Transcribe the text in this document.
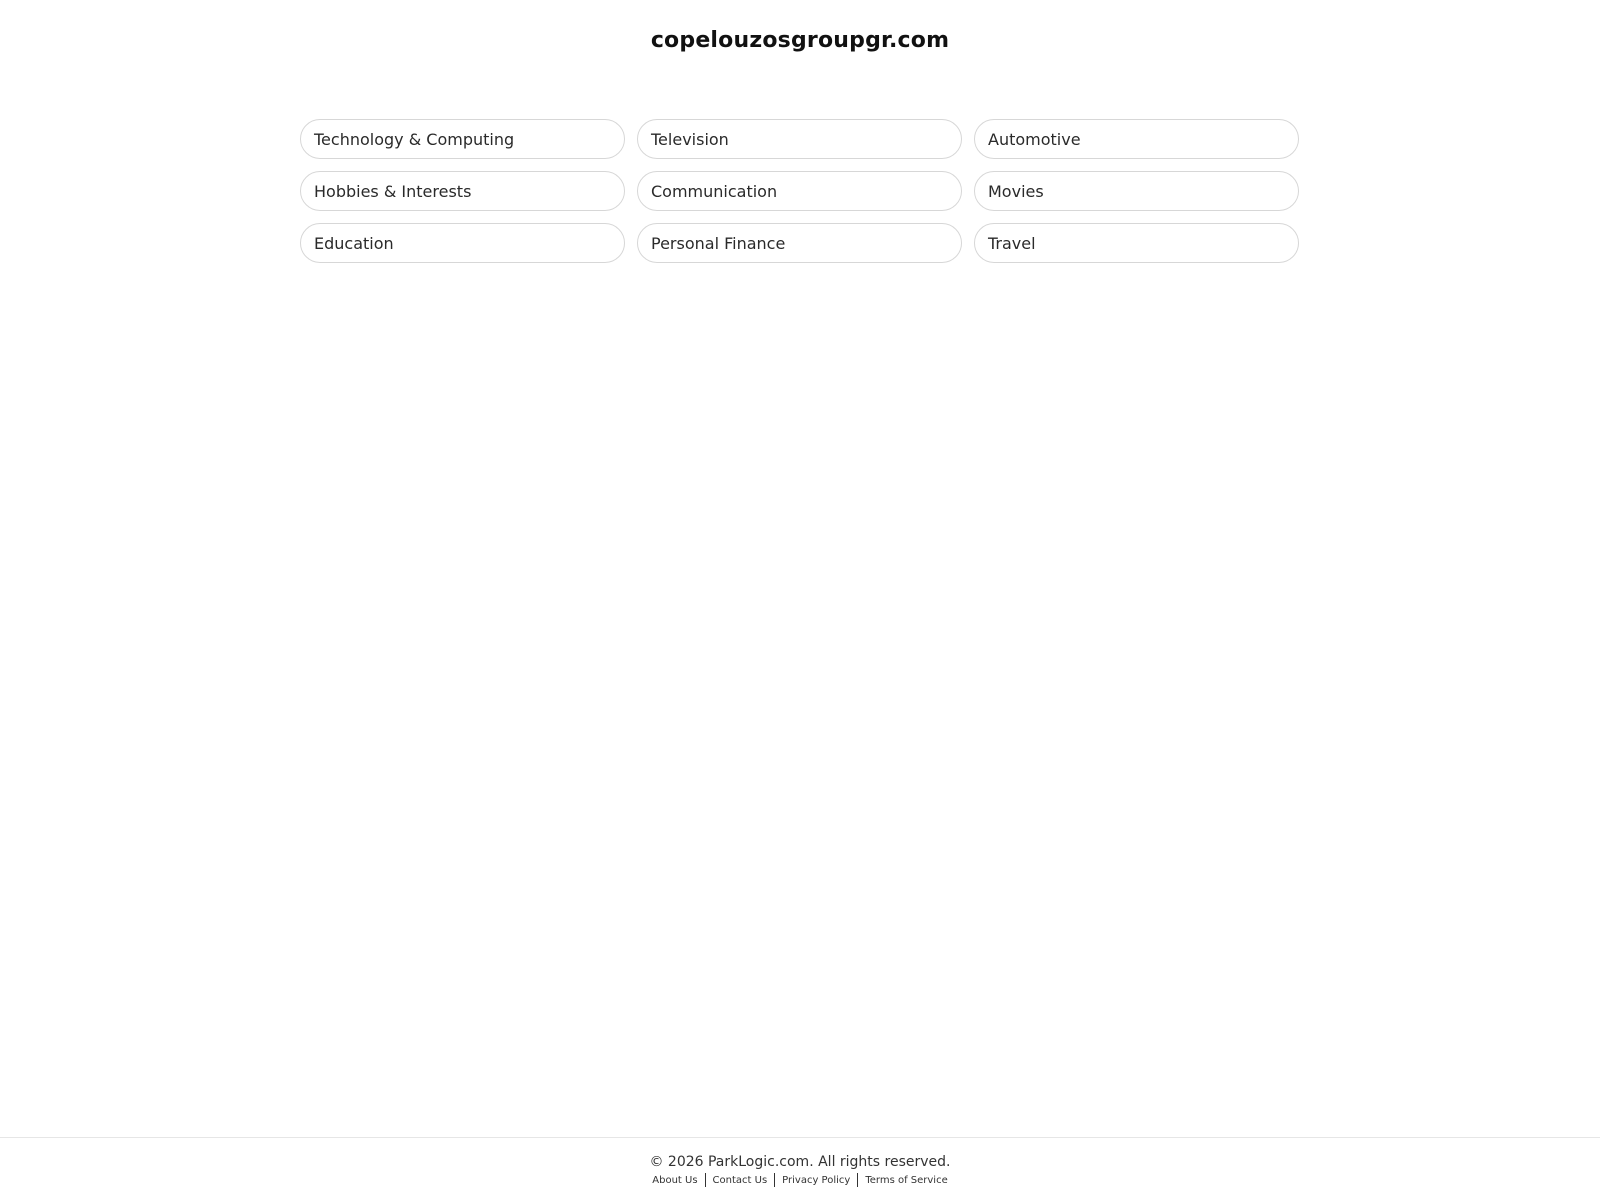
copelouzosgroupgr.com
Technology & Computing	Television	Automotive
Hobbies & Interests	Communication	Movies
Education	Personal Finance	Travel
© 2026 ParkLogic.com. All rights reserved.
About Us	Contact Us	Privacy Policy	Terms of Service
